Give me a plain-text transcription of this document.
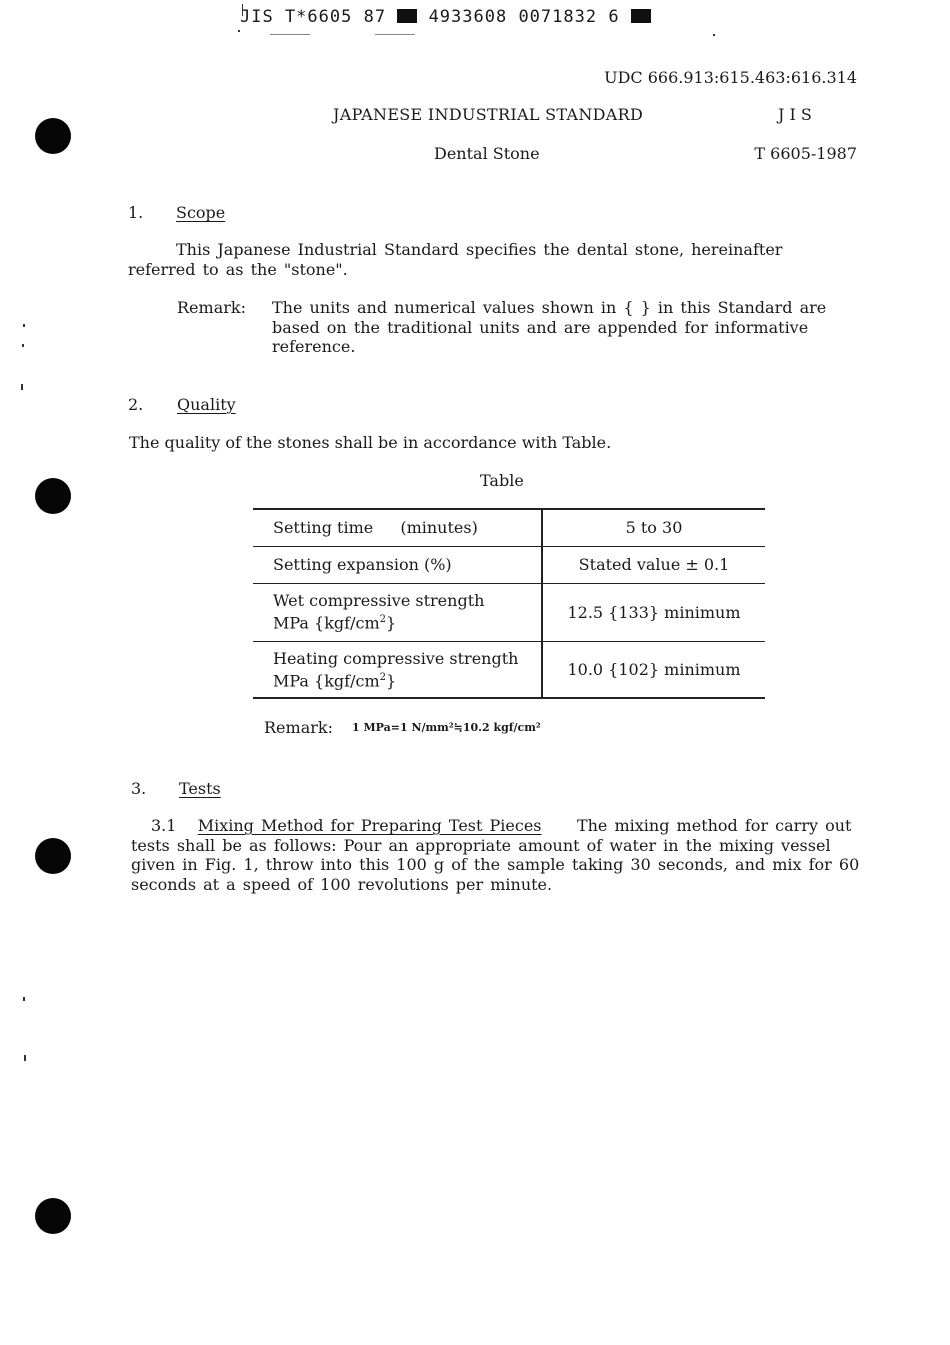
JIS T*6605 87	4933608 0071832 6
UDC 666.913:615.463:616.314
JAPANESE INDUSTRIAL STANDARD	J I S
Dental Stone	T 6605-1987
1. Scope
This Japanese Industrial Standard specifies the dental stone, hereinafter referred to as the "stone".
Remark: The units and numerical values shown in { } in this Standard are based on the traditional units and are appended for informative reference.
2. Quality
The quality of the stones shall be in accordance with Table.
Table
Setting time (minutes)	5 to 30
Setting expansion (%)	Stated value ± 0.1

Wet compressive strength
MPa $\{kgf/cm^2\}$	12.5 {133} minimum

Heating compressive strength
MPa $\{kgf/cm^2\}$	10.0 {102} minimum
Remark: 1 MPa=1 N/mm²≒10.2 kgf/cm²
3. Tests
3.1 Mixing Method for Preparing Test Pieces The mixing method for carry out tests shall be as follows: Pour an appropriate amount of water in the mixing vessel given in Fig. 1, throw into this 100 g of the sample taking 30 seconds, and mix for 60 seconds at a speed of 100 revolutions per minute.
